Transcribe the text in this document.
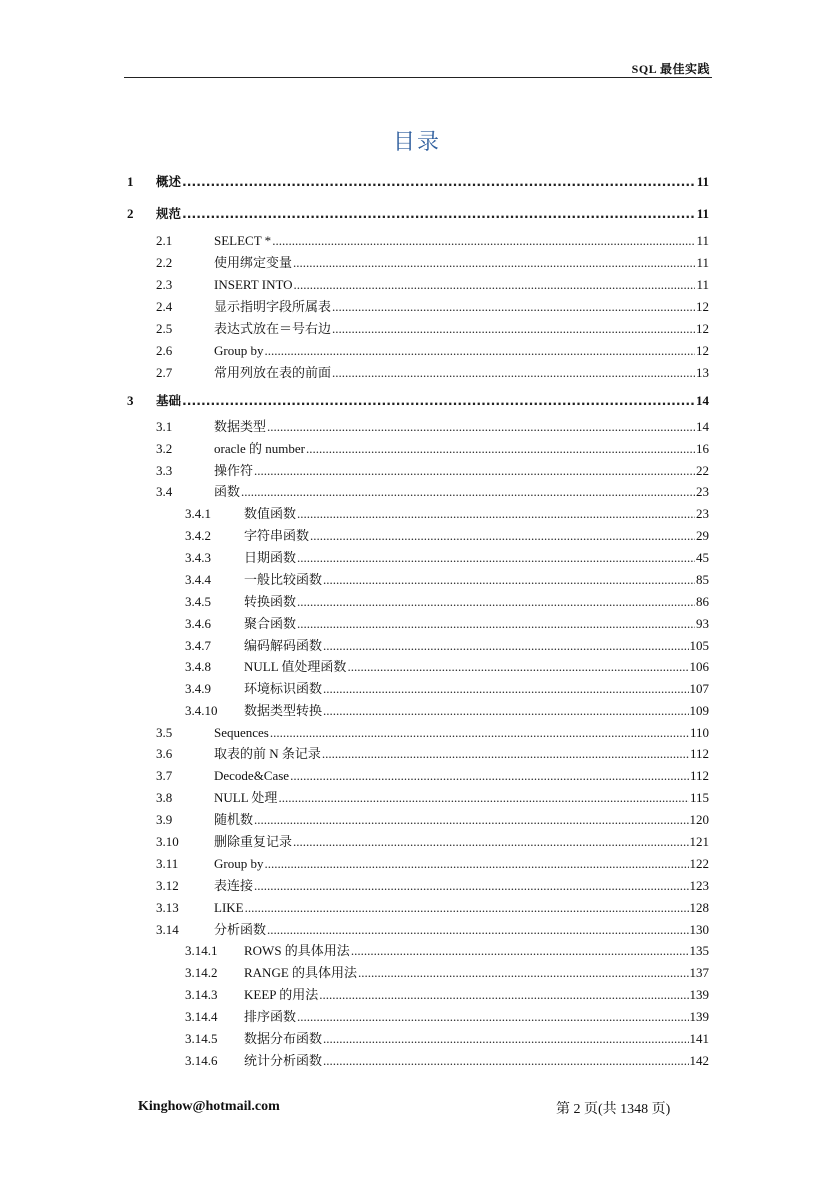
SQL 最佳实践
目录
1	概述 .....	11
2	规范 .....	11
2.1	SELECT * .....	11
2.2	使用绑定变量 .....	11
2.3	INSERT INTO .....	11
2.4	显示指明字段所属表 .....	12
2.5	表达式放在＝号右边 .....	12
2.6	Group by .....	12
2.7	常用列放在表的前面 .....	13
3	基础 .....	14
3.1	数据类型 .....	14
3.2	oracle 的 number .....	16
3.3	操作符 .....	22
3.4	函数 .....	23
3.4.1	数值函数 .....	23
3.4.2	字符串函数 .....	29
3.4.3	日期函数 .....	45
3.4.4	一般比较函数 .....	85
3.4.5	转换函数 .....	86
3.4.6	聚合函数 .....	93
3.4.7	编码解码函数 .....	105
3.4.8	NULL 值处理函数 .....	106
3.4.9	环境标识函数 .....	107
3.4.10	数据类型转换 .....	109
3.5	Sequences .....	110
3.6	取表的前 N 条记录 .....	112
3.7	Decode&Case .....	112
3.8	NULL 处理 .....	115
3.9	随机数 .....	120
3.10	删除重复记录 .....	121
3.11	Group by .....	122
3.12	表连接 .....	123
3.13	LIKE .....	128
3.14	分析函数 .....	130
3.14.1	ROWS 的具体用法 .....	135
3.14.2	RANGE 的具体用法 .....	137
3.14.3	KEEP 的用法 .....	139
3.14.4	排序函数 .....	139
3.14.5	数据分布函数 .....	141
3.14.6	统计分析函数 .....	142
Kinghow@hotmail.com	第 2 页(共 1348 页)
